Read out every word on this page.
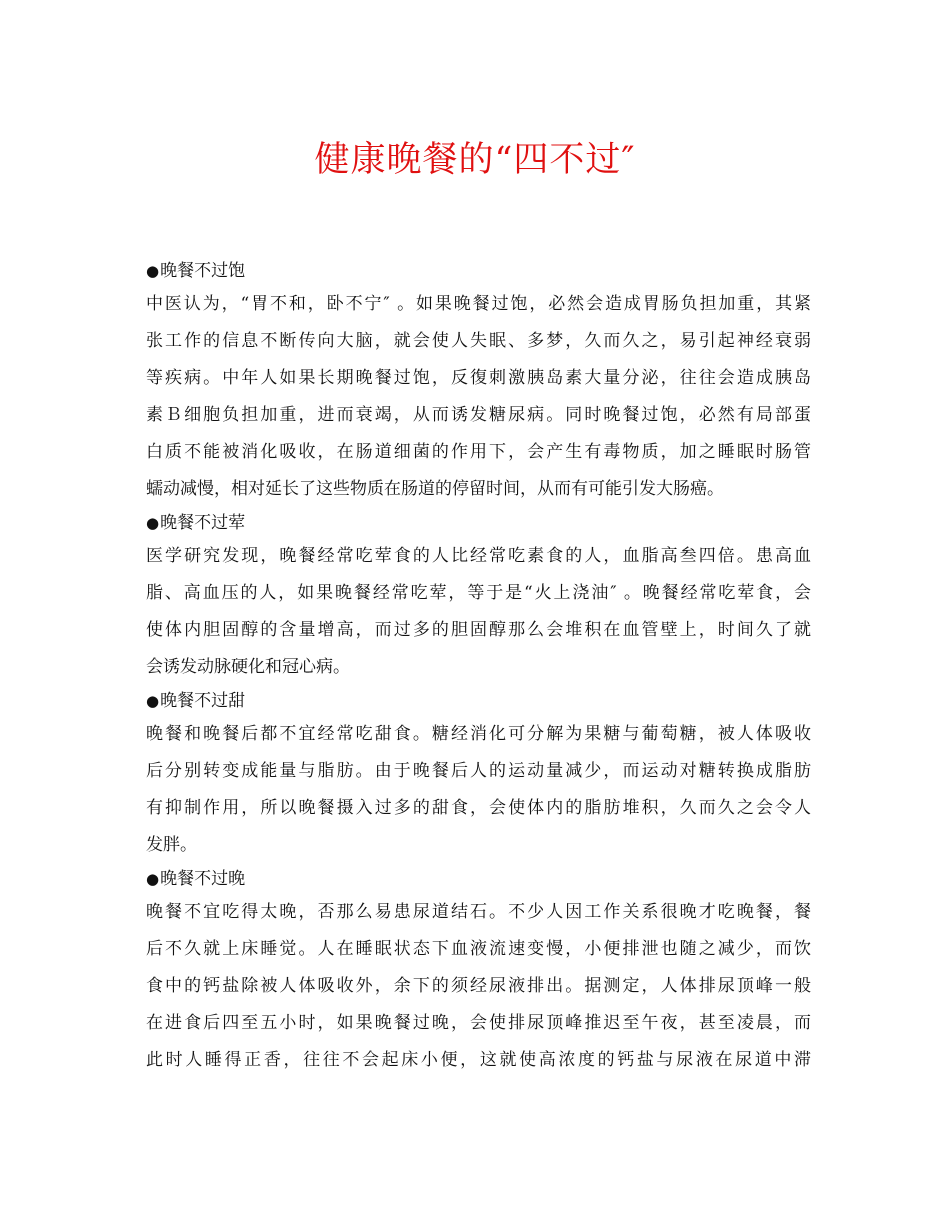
健康晚餐的“四不过″

●晚餐不过饱

中医认为，“胃不和，卧不宁″ 。如果晚餐过饱，必然会造成胃肠负担加重，其紧

张工作的信息不断传向大脑，就会使人失眠、多梦，久而久之，易引起神经衰弱

等疾病。中年人如果长期晚餐过饱，反復刺激胰岛素大量分泌，往往会造成胰岛

素Ｂ细胞负担加重，进而衰竭，从而诱发糖尿病。同时晚餐过饱，必然有局部蛋

白质不能被消化吸收，在肠道细菌的作用下，会产生有毒物质，加之睡眠时肠管

蠕动减慢，相对延长了这些物质在肠道的停留时间，从而有可能引发大肠癌。

●晚餐不过荤

医学研究发现，晚餐经常吃荤食的人比经常吃素食的人，血脂高叁四倍。患高血

脂、高血压的人，如果晚餐经常吃荤，等于是“火上浇油″ 。晚餐经常吃荤食，会

使体内胆固醇的含量增高，而过多的胆固醇那么会堆积在血管壁上，时间久了就

会诱发动脉硬化和冠心病。

●晚餐不过甜

晚餐和晚餐后都不宜经常吃甜食。糖经消化可分解为果糖与葡萄糖，被人体吸收

后分别转变成能量与脂肪。由于晚餐后人的运动量减少，而运动对糖转换成脂肪

有抑制作用，所以晚餐摄入过多的甜食，会使体内的脂肪堆积，久而久之会令人

发胖。

●晚餐不过晚

晚餐不宜吃得太晚，否那么易患尿道结石。不少人因工作关系很晚才吃晚餐，餐

后不久就上床睡觉。人在睡眠状态下血液流速变慢，小便排泄也随之减少，而饮

食中的钙盐除被人体吸收外，余下的须经尿液排出。据测定，人体排尿顶峰一般

在进食后四至五小时，如果晚餐过晚，会使排尿顶峰推迟至午夜，甚至凌晨，而

此时人睡得正香，往往不会起床小便，这就使高浓度的钙盐与尿液在尿道中滞
